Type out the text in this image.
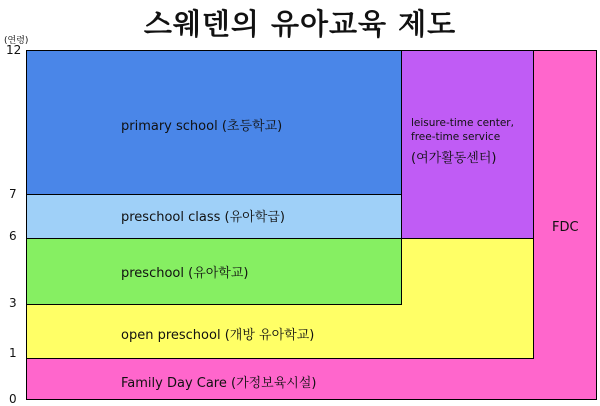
스웨덴의 유아교육 제도
(연령)
12
7
6
3
1
0
primary school (초등학교)
preschool class (유아학급)
preschool (유아학교)
open preschool (개방 유아학교)
Family Day Care (가정보육시설)
FDC
leisure-time center,
free-time service
(여가활동센터)
